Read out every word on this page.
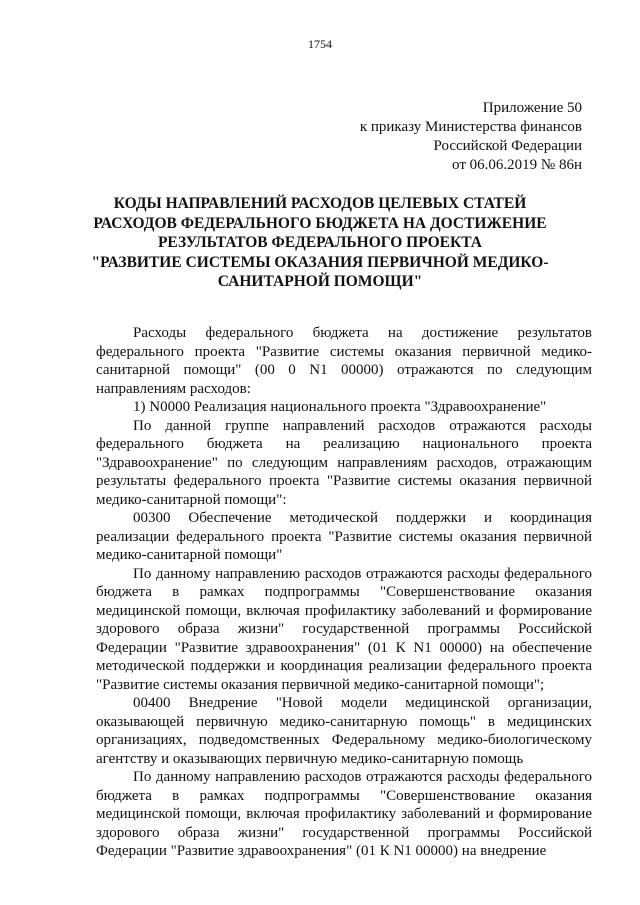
1754
Приложение 50
к приказу Министерства финансов
Российской Федерации
от 06.06.2019 № 86н
КОДЫ НАПРАВЛЕНИЙ РАСХОДОВ ЦЕЛЕВЫХ СТАТЕЙ
РАСХОДОВ ФЕДЕРАЛЬНОГО БЮДЖЕТА НА ДОСТИЖЕНИЕ
РЕЗУЛЬТАТОВ ФЕДЕРАЛЬНОГО ПРОЕКТА
"РАЗВИТИЕ СИСТЕМЫ ОКАЗАНИЯ ПЕРВИЧНОЙ МЕДИКО-
САНИТАРНОЙ ПОМОЩИ"
Расходы федерального бюджета на достижение результатов федерального проекта "Развитие системы оказания первичной медико-санитарной помощи" (00 0 N1 00000) отражаются по следующим направлениям расходов:
1) N0000 Реализация национального проекта "Здравоохранение"
По данной группе направлений расходов отражаются расходы федерального бюджета на реализацию национального проекта "Здравоохранение" по следующим направлениям расходов, отражающим результаты федерального проекта "Развитие системы оказания первичной медико-санитарной помощи":
00300 Обеспечение методической поддержки и координация реализации федерального проекта "Развитие системы оказания первичной медико-санитарной помощи"
По данному направлению расходов отражаются расходы федерального бюджета в рамках подпрограммы "Совершенствование оказания медицинской помощи, включая профилактику заболеваний и формирование здорового образа жизни" государственной программы Российской Федерации "Развитие здравоохранения" (01 К N1 00000) на обеспечение методической поддержки и координация реализации федерального проекта "Развитие системы оказания первичной медико-санитарной помощи";
00400 Внедрение "Новой модели медицинской организации, оказывающей первичную медико-санитарную помощь" в медицинских организациях, подведомственных Федеральному медико-биологическому агентству и оказывающих первичную медико-санитарную помощь
По данному направлению расходов отражаются расходы федерального бюджета в рамках подпрограммы "Совершенствование оказания медицинской помощи, включая профилактику заболеваний и формирование здорового образа жизни" государственной программы Российской Федерации "Развитие здравоохранения" (01 К N1 00000) на внедрение
